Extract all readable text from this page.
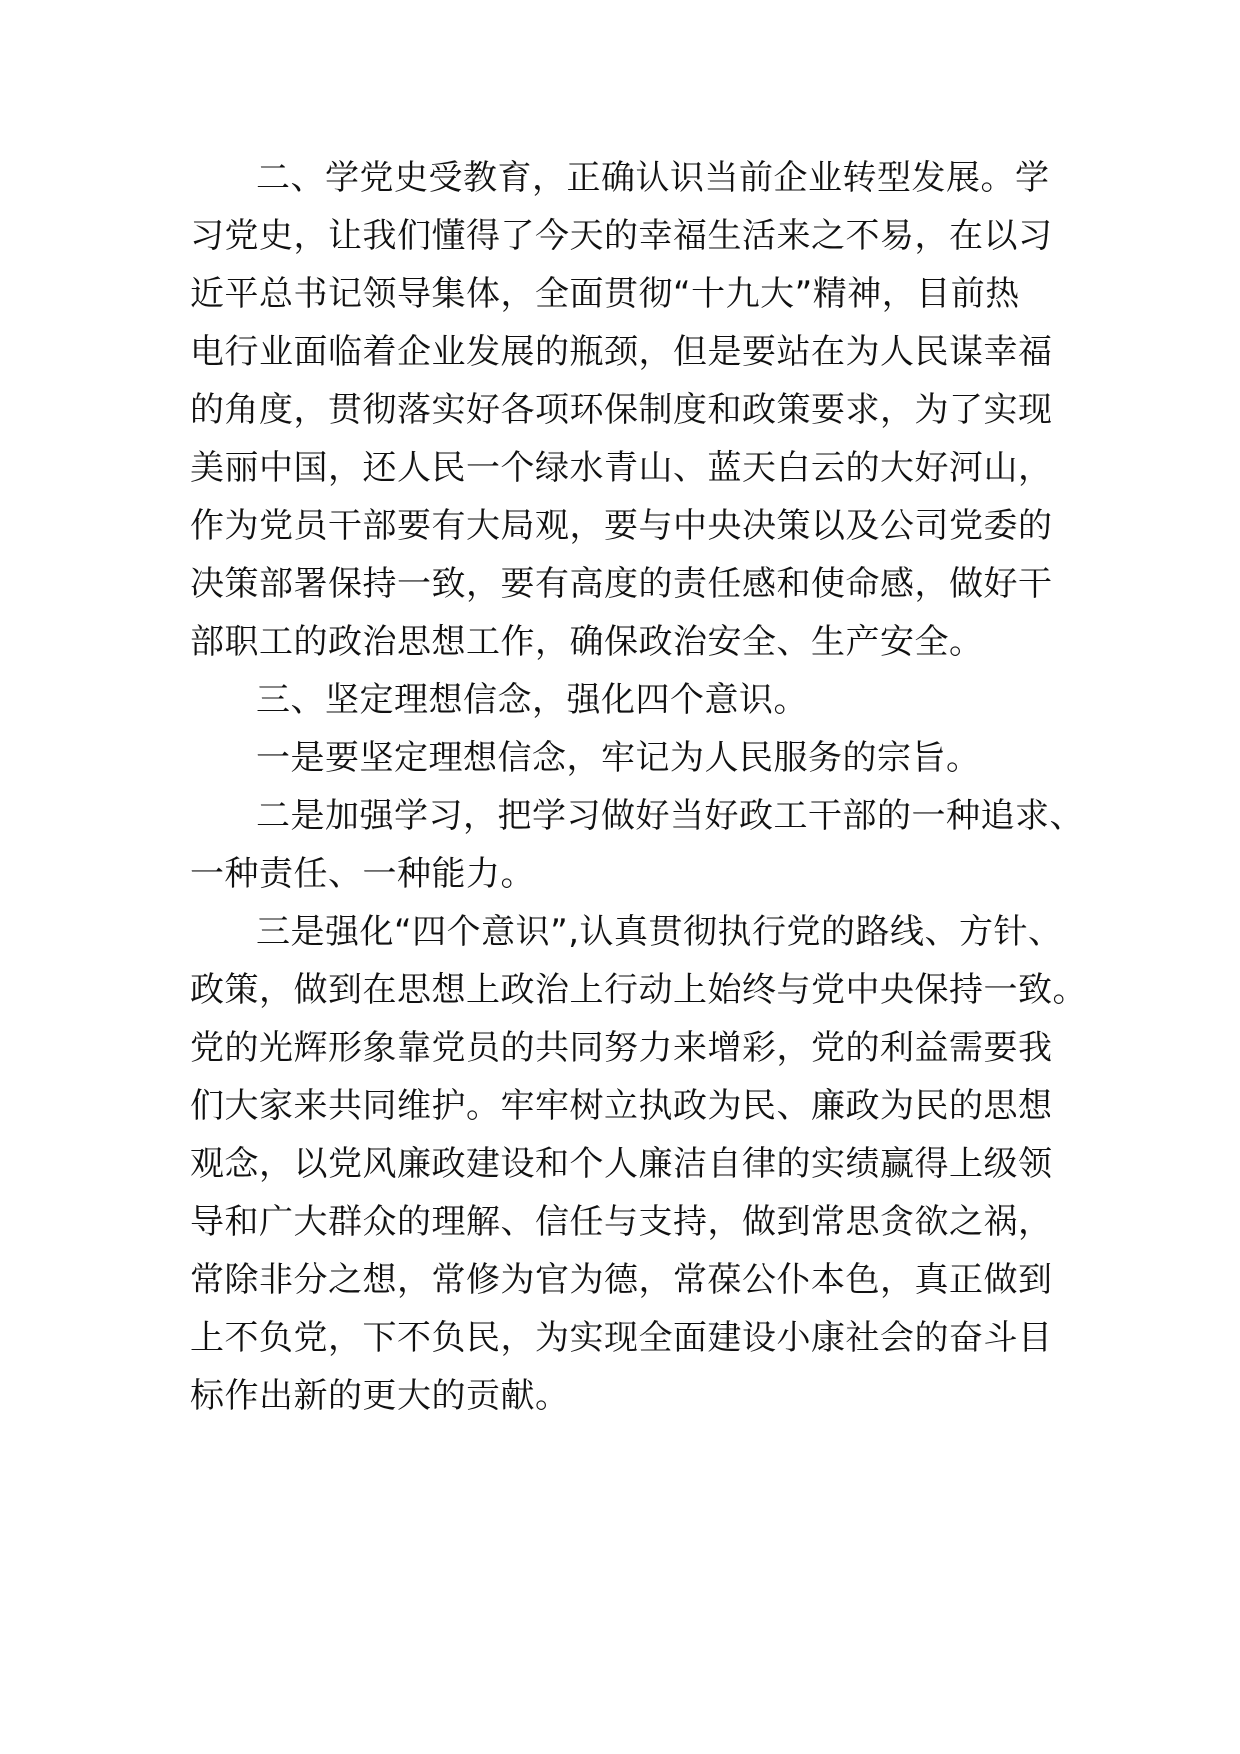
二、学党史受教育，正确认识当前企业转型发展。学
习党史，让我们懂得了今天的幸福生活来之不易，在以习
近平总书记领导集体，全面贯彻“十九大”精神，目前热
电行业面临着企业发展的瓶颈，但是要站在为人民谋幸福
的角度，贯彻落实好各项环保制度和政策要求，为了实现
美丽中国，还人民一个绿水青山、蓝天白云的大好河山，
作为党员干部要有大局观，要与中央决策以及公司党委的
决策部署保持一致，要有高度的责任感和使命感，做好干
部职工的政治思想工作，确保政治安全、生产安全。
三、坚定理想信念，强化四个意识。
一是要坚定理想信念，牢记为人民服务的宗旨。
二是加强学习，把学习做好当好政工干部的一种追求、
一种责任、一种能力。
三是强化“四个意识”,认真贯彻执行党的路线、方针、
政策，做到在思想上政治上行动上始终与党中央保持一致。
党的光辉形象靠党员的共同努力来增彩，党的利益需要我
们大家来共同维护。牢牢树立执政为民、廉政为民的思想
观念，以党风廉政建设和个人廉洁自律的实绩赢得上级领
导和广大群众的理解、信任与支持，做到常思贪欲之祸，
常除非分之想，常修为官为德，常葆公仆本色，真正做到
上不负党，下不负民，为实现全面建设小康社会的奋斗目
标作出新的更大的贡献。
